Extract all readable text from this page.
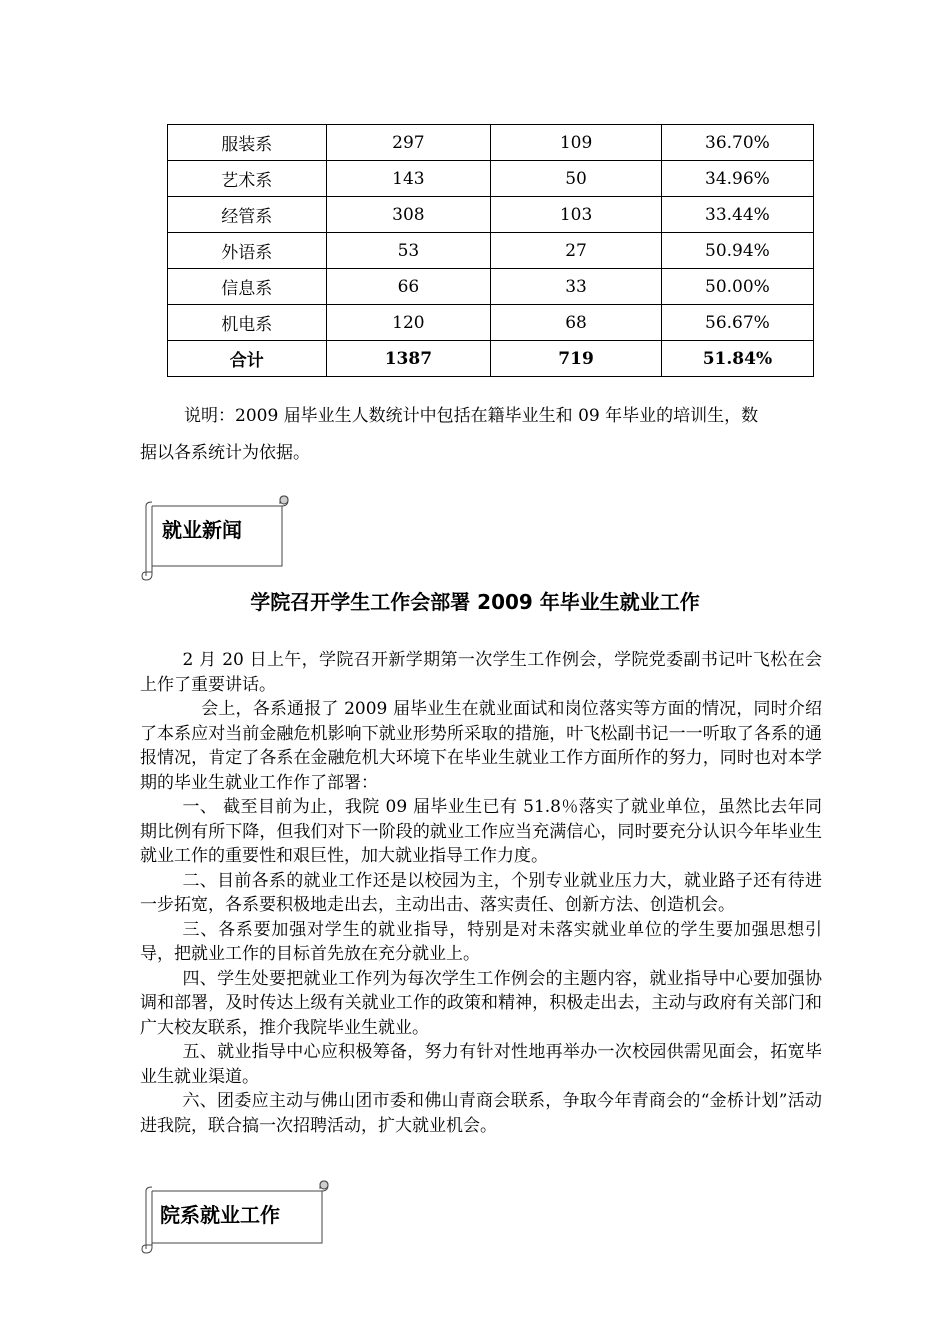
服装系	297	109	36.70%
艺术系	143	50	34.96%
经管系	308	103	33.44%
外语系	53	27	50.94%
信息系	66	33	50.00%
机电系	120	68	56.67%
合计	1387	719	51.84%

说明：2009 届毕业生人数统计中包括在籍毕业生和 09 年毕业的培训生，数

据以各系统计为依据。

就业新闻
学院召开学生工作会部署 2009 年毕业生就业工作

2 月 20 日上午，学院召开新学期第一次学生工作例会，学院党委副书记叶飞松在会上作了重要讲话。

会上，各系通报了 2009 届毕业生在就业面试和岗位落实等方面的情况，同时介绍了本系应对当前金融危机影响下就业形势所采取的措施，叶飞松副书记一一听取了各系的通报情况，肯定了各系在金融危机大环境下在毕业生就业工作方面所作的努力，同时也对本学期的毕业生就业工作作了部署：

一、 截至目前为止，我院 09 届毕业生已有 51.8％落实了就业单位，虽然比去年同期比例有所下降，但我们对下一阶段的就业工作应当充满信心，同时要充分认识今年毕业生就业工作的重要性和艰巨性，加大就业指导工作力度。

二、目前各系的就业工作还是以校园为主，个别专业就业压力大，就业路子还有待进一步拓宽，各系要积极地走出去，主动出击、落实责任、创新方法、创造机会。

三、各系要加强对学生的就业指导，特别是对未落实就业单位的学生要加强思想引导，把就业工作的目标首先放在充分就业上。

四、学生处要把就业工作列为每次学生工作例会的主题内容，就业指导中心要加强协调和部署，及时传达上级有关就业工作的政策和精神，积极走出去，主动与政府有关部门和广大校友联系，推介我院毕业生就业。

五、就业指导中心应积极筹备，努力有针对性地再举办一次校园供需见面会，拓宽毕业生就业渠道。

六、团委应主动与佛山团市委和佛山青商会联系，争取今年青商会的“金桥计划”活动进我院，联合搞一次招聘活动，扩大就业机会。

院系就业工作
